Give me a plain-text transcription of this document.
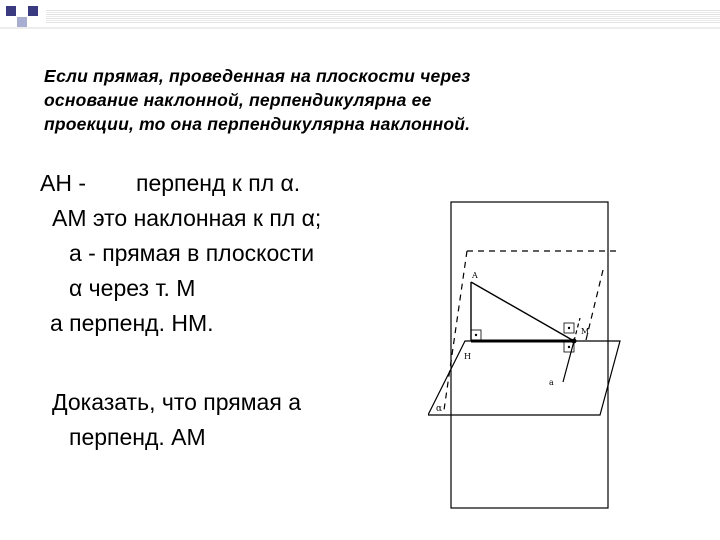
Если прямая, проведенная на плоскости через
основание наклонной, перпендикулярна ее
проекции, то она перпендикулярна наклонной.
AH - перпенд к пл α.
AM это наклонная к пл α;
a - прямая в плоскости
α через т. M
a перпенд. HM.
Доказать, что прямая a
перпенд. AM
A
H
M
a
α
